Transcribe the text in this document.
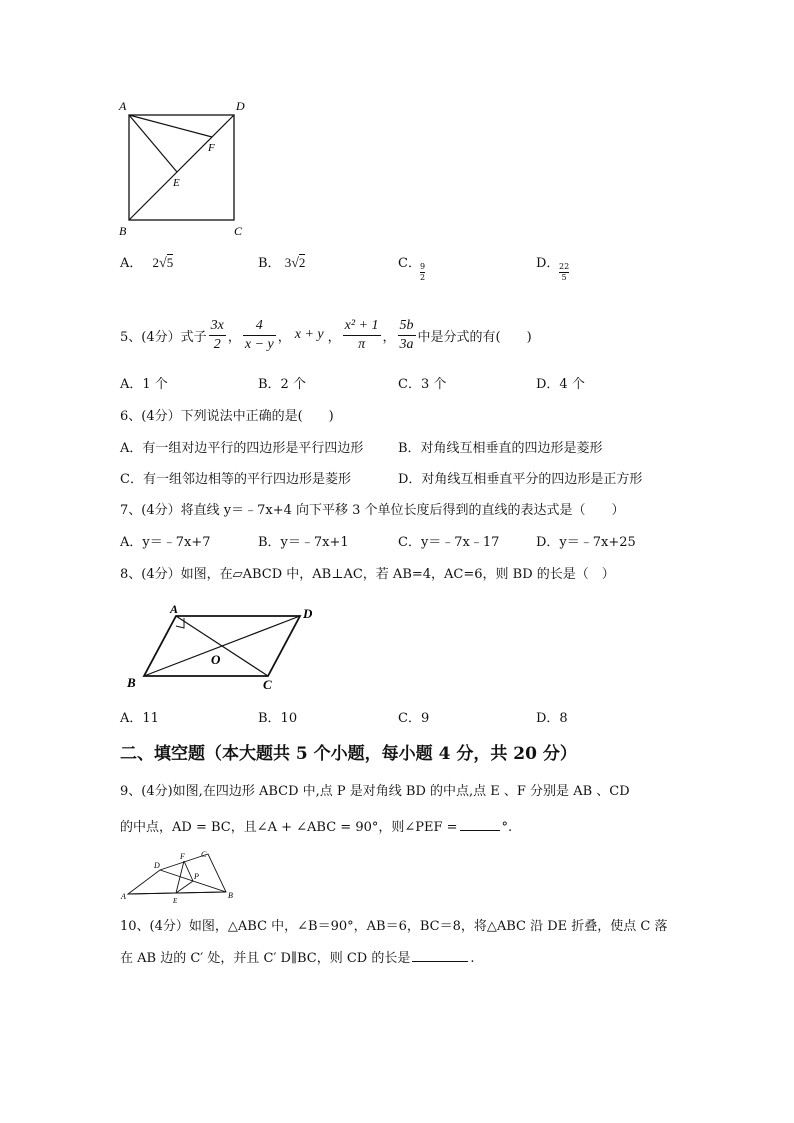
A	D
B	C
F
E
A． 2√5	B． 3√2	C． 9
2
D． 22
5
5、(4分）式子 $\frac{3x}{2}$ ， $\frac{4}{x - y}$ ， x + y ， $\frac{\text{x² + 1}}{\pi}$ ， $\frac{5b}{3a}$ 中是分式的有(　　)
A．1 个	B．2 个	C．3 个	D．4 个
6、(4分）下列说法中正确的是(　　)
A．有一组对边平行的四边形是平行四边形	B．对角线互相垂直的四边形是菱形
C．有一组邻边相等的平行四边形是菱形	D．对角线互相垂直平分的四边形是正方形
7、(4分）将直线 y＝﹣7x+4 向下平移 3 个单位长度后得到的直线的表达式是（　　）
A．y＝﹣7x+7	B．y＝﹣7x+1	C．y＝﹣7x﹣17	D．y＝﹣7x+25
8、(4分）如图，在▱ABCD 中，AB⊥AC，若 AB=4，AC=6，则 BD 的长是（　）
A	D
B	C
O
A．11	B．10	C．9	D．8
二、填空题（本大题共 5 个小题，每小题 4 分，共 20 分）
9、(4分)如图,在四边形 ABCD 中,点 P 是对角线 BD 的中点,点 E 、F 分别是 AB 、CD
的中点，AD = BC，且∠A + ∠ABC = 90°，则∠PEF =	°.
A	B
C
D
E
F
P
10、(4分）如图，△ABC 中，∠B＝90°，AB＝6，BC＝8，将△ABC 沿 DE 折叠，使点 C 落
在 AB 边的 C′ 处，并且 C′ D∥BC，则 CD 的长是	.
